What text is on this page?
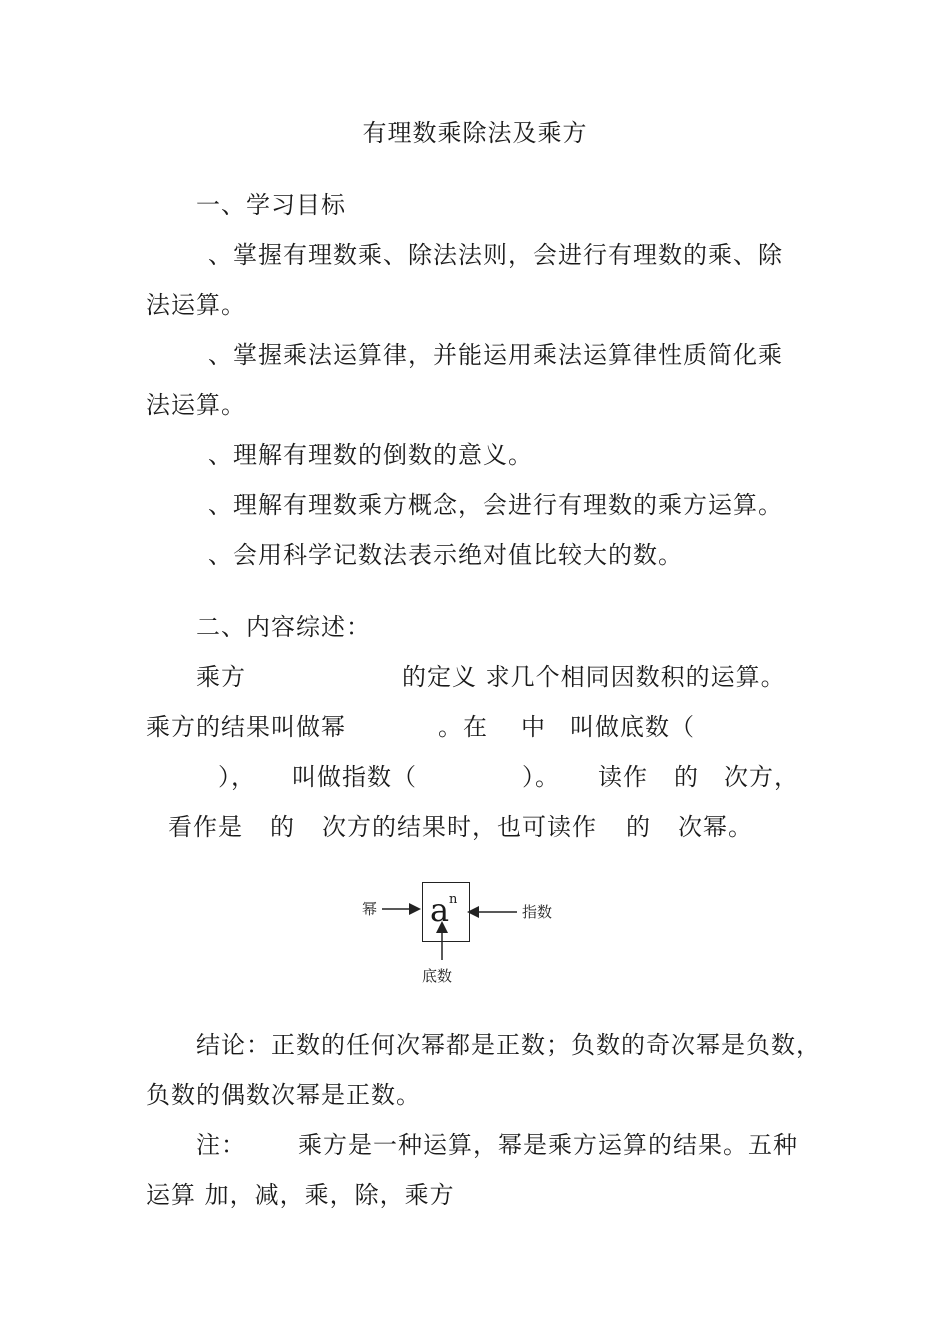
有理数乘除法及乘方
一、学习目标
、掌握有理数乘、除法法则，会进行有理数的乘、除
法运算。
、掌握乘法运算律，并能运用乘法运算律性质简化乘
法运算。
、理解有理数的倒数的意义。
、理解有理数乘方概念，会进行有理数的乘方运算。
、会用科学记数法表示绝对值比较大的数。
二、内容综述：
乘方	的定义 求几个相同因数积的运算。
乘方的结果叫做幂	。在 中 叫做底数（
）， 叫做指数（	）。 读作 的 次方，
看作是 的 次方的结果时，也可读作 的 次幂。
a n
幂	指数
底数
结论：正数的任何次幂都是正数；负数的奇次幂是负数，
负数的偶数次幂是正数。
注： 乘方是一种运算，幂是乘方运算的结果。五种
运算 加，减，乘，除，乘方
